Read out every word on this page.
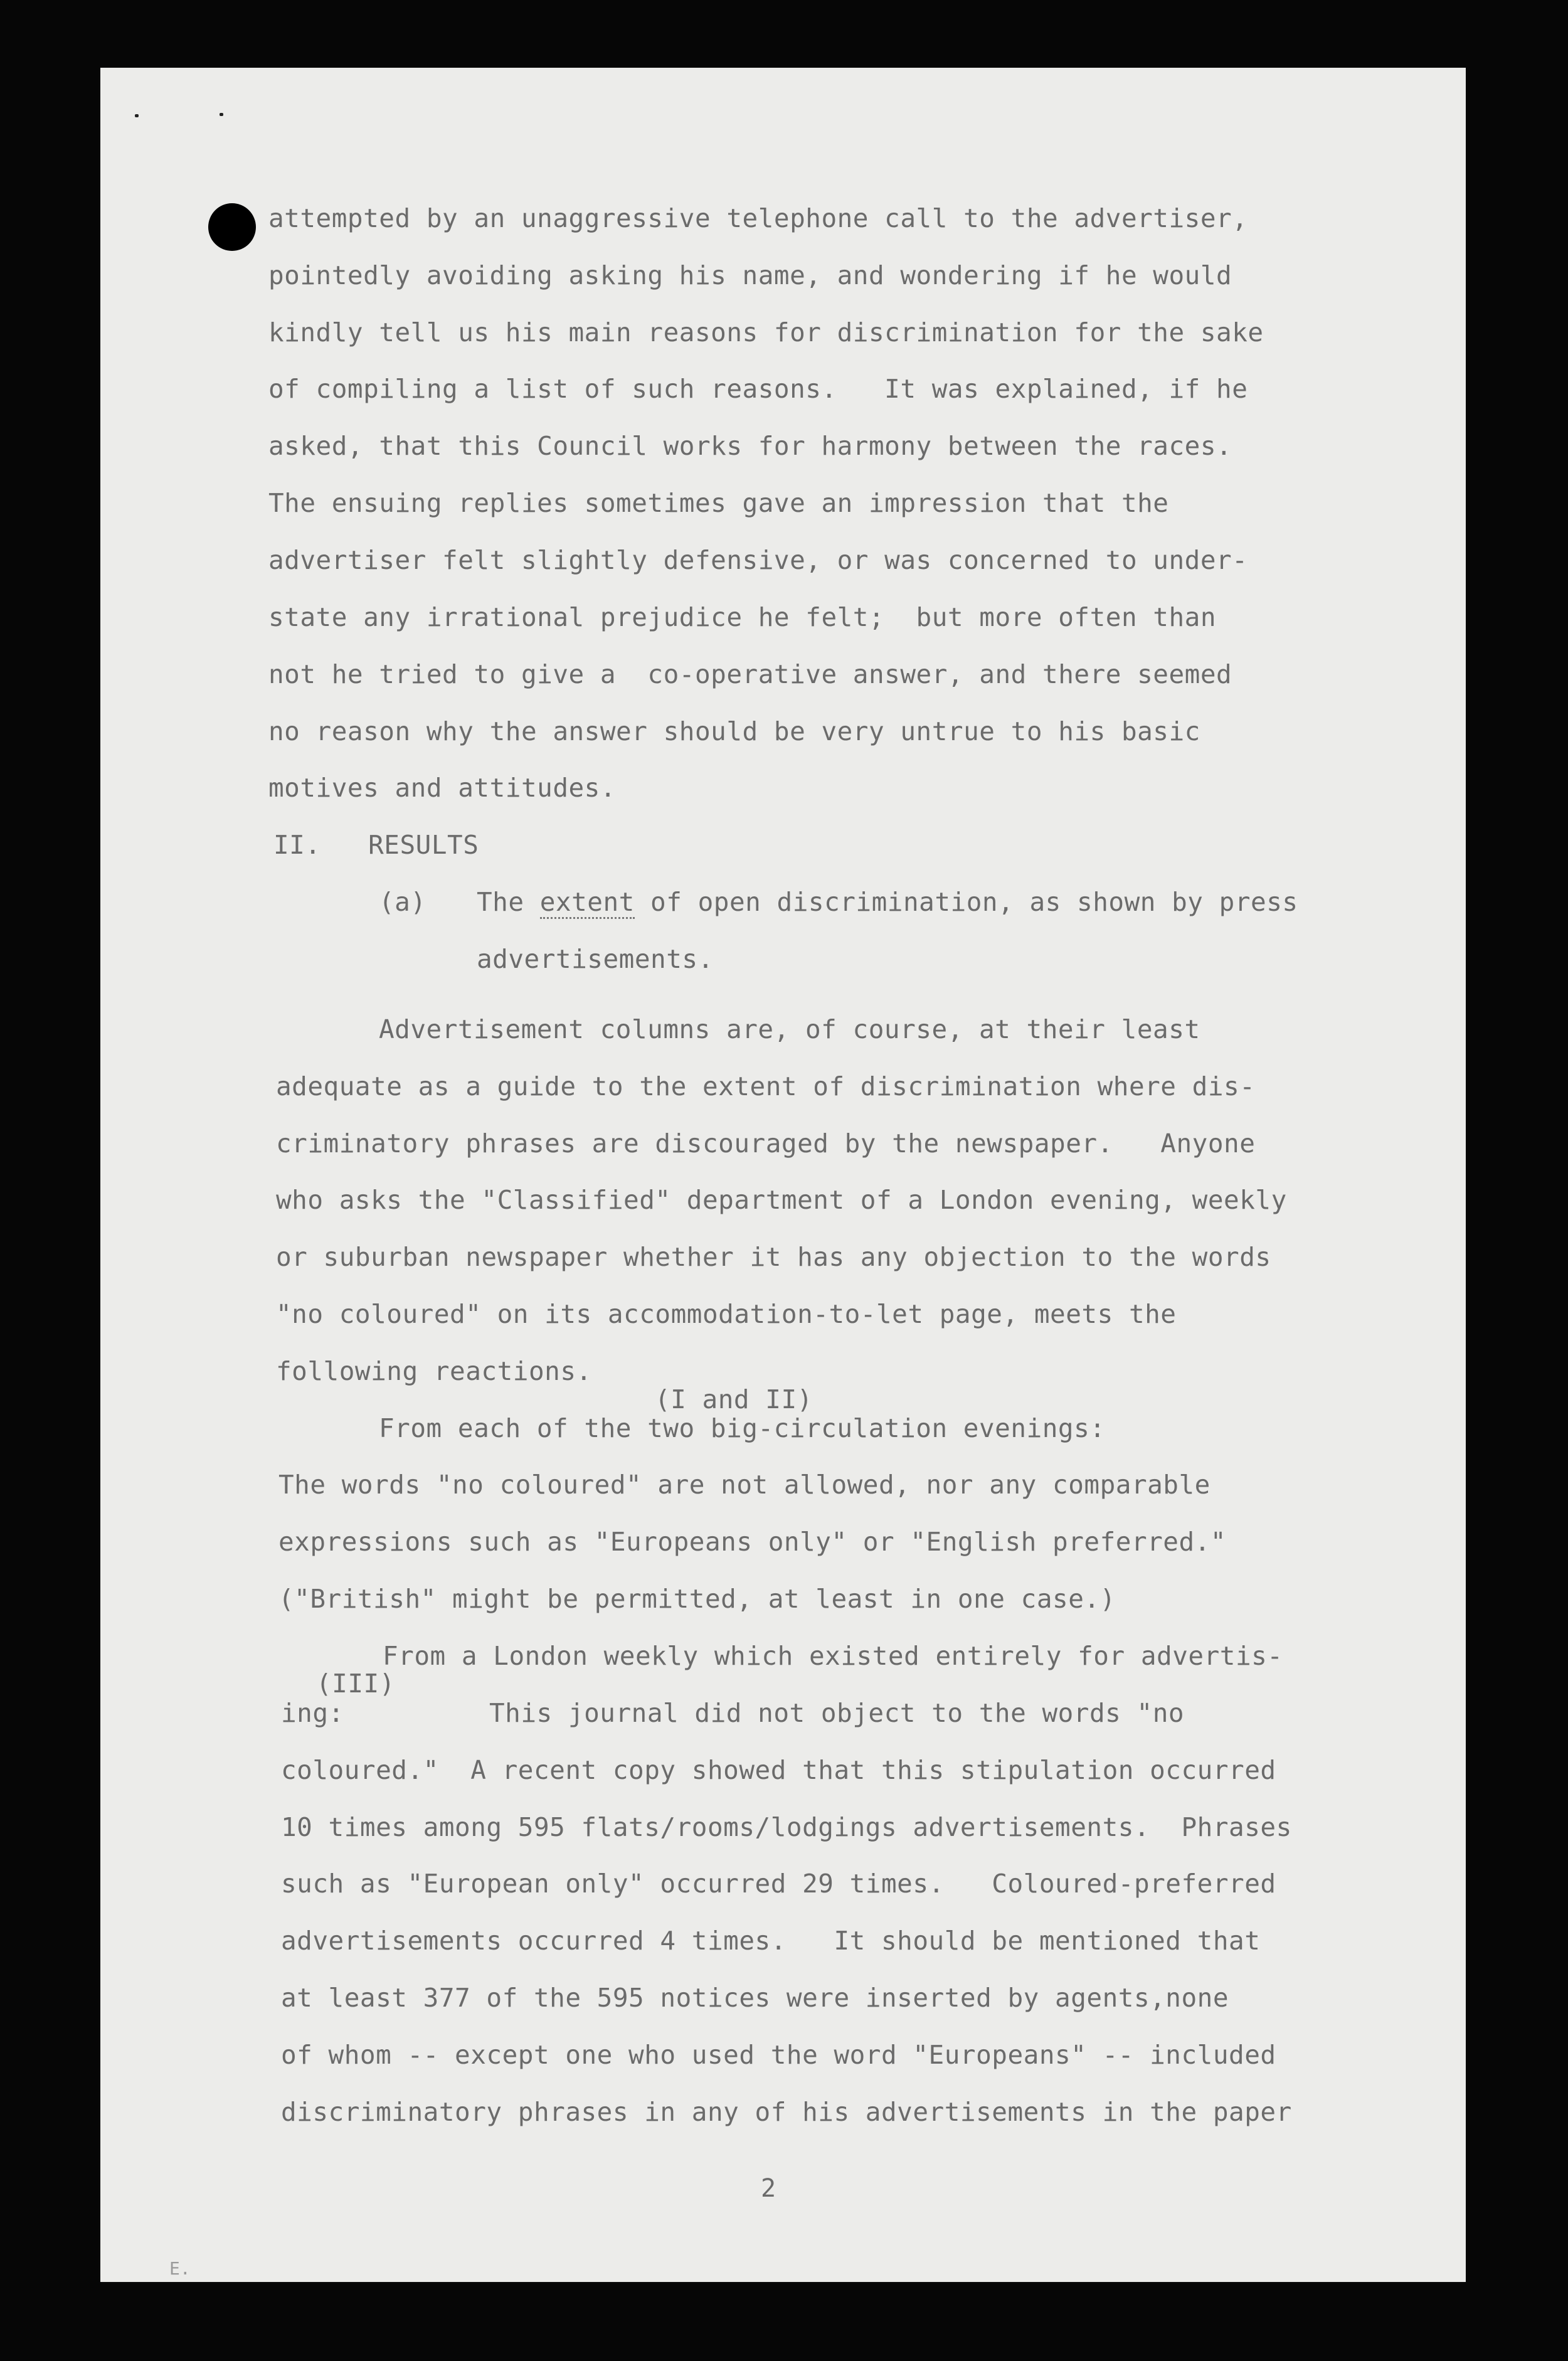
attempted by an unaggressive telephone call to the advertiser,
pointedly avoiding asking his name, and wondering if he would
kindly tell us his main reasons for discrimination for the sake
of compiling a list of such reasons.   It was explained, if he
asked, that this Council works for harmony between the races.
The ensuing replies sometimes gave an impression that the
advertiser felt slightly defensive, or was concerned to under-
state any irrational prejudice he felt;  but more often than
not he tried to give a  co-operative answer, and there seemed
no reason why the answer should be very untrue to his basic
motives and attitudes.
II.   RESULTS
(a) The extent of open discrimination, as shown by press
advertisements.
Advertisement columns are, of course, at their least
adequate as a guide to the extent of discrimination where dis-
criminatory phrases are discouraged by the newspaper.   Anyone
who asks the "Classified" department of a London evening, weekly
or suburban newspaper whether it has any objection to the words
"no coloured" on its accommodation-to-let page, meets the
following reactions.
(I and II)
From each of the two big-circulation evenings:
The words "no coloured" are not allowed, nor any comparable
expressions such as "Europeans only" or "English preferred."
("British" might be permitted, at least in one case.)
From a London weekly which existed entirely for advertis-
(III)
ing:	This journal did not object to the words "no
coloured."  A recent copy showed that this stipulation occurred
10 times among 595 flats/rooms/lodgings advertisements.  Phrases
such as "European only" occurred 29 times.   Coloured-preferred
advertisements occurred 4 times.   It should be mentioned that
at least 377 of the 595 notices were inserted by agents,none
of whom -- except one who used the word "Europeans" -- included
discriminatory phrases in any of his advertisements in the paper
2
E.
